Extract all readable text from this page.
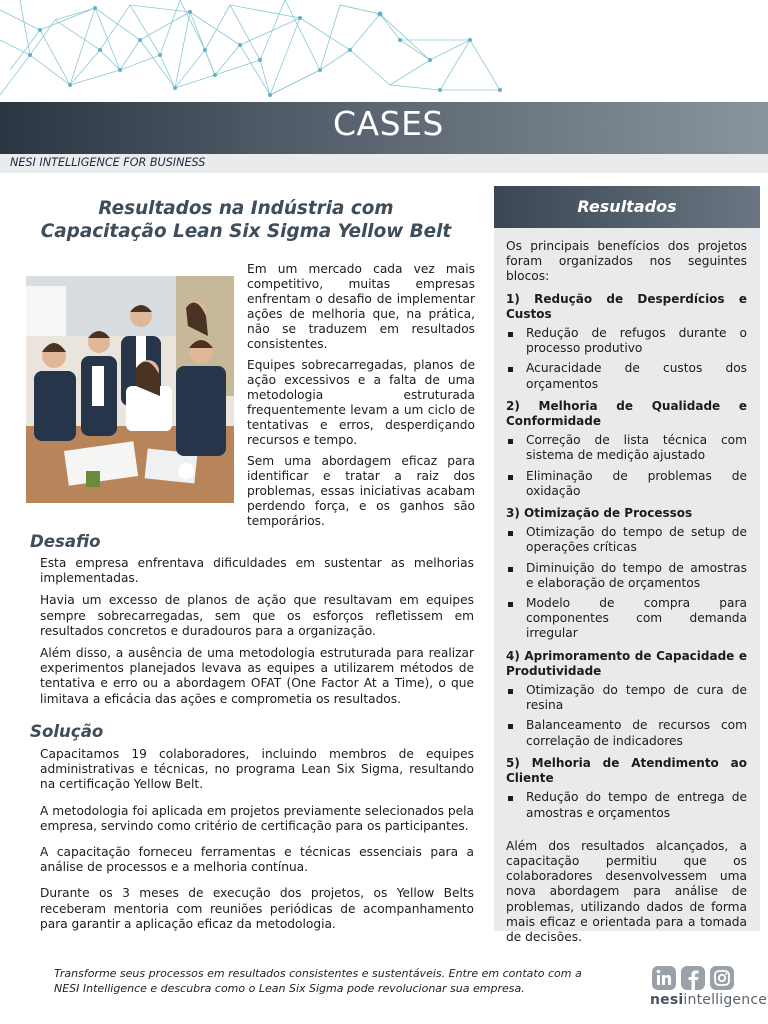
CASES
NESI INTELLIGENCE FOR BUSINESS
Resultados na Indústria com
Capacitação Lean Six Sigma Yellow Belt

Em um mercado cada vez mais competitivo, muitas empresas enfrentam o desafio de implementar ações de melhoria que, na prática, não se traduzem em resultados consistentes.

Equipes sobrecarregadas, planos de ação excessivos e a falta de uma metodologia estruturada frequentemente levam a um ciclo de tentativas e erros, desperdiçando recursos e tempo.

Sem uma abordagem eficaz para identificar e tratar a raiz dos problemas, essas iniciativas acabam perdendo força, e os ganhos são temporários.

Desafio

Esta empresa enfrentava dificuldades em sustentar as melhorias implementadas.

Havia um excesso de planos de ação que resultavam em equipes sempre sobrecarregadas, sem que os esforços refletissem em resultados concretos e duradouros para a organização.

Além disso, a ausência de uma metodologia estruturada para realizar experimentos planejados levava as equipes a utilizarem métodos de tentativa e erro ou a abordagem OFAT (One Factor At a Time), o que limitava a eficácia das ações e comprometia os resultados.

Solução

Capacitamos 19 colaboradores, incluindo membros de equipes administrativas e técnicas, no programa Lean Six Sigma, resultando na certificação Yellow Belt.

A metodologia foi aplicada em projetos previamente selecionados pela empresa, servindo como critério de certificação para os participantes.

A capacitação forneceu ferramentas e técnicas essenciais para a análise de processos e a melhoria contínua.

Durante os 3 meses de execução dos projetos, os Yellow Belts receberam mentoria com reuniões periódicas de acompanhamento para garantir a aplicação eficaz da metodologia.

Resultados

Os principais benefícios dos projetos foram organizados nos seguintes blocos:

1) Redução de Desperdícios e Custos
Redução de refugos durante o processo produtivo
Acuracidade de custos dos orçamentos
2) Melhoria de Qualidade e Conformidade
Correção de lista técnica com sistema de medição ajustado
Eliminação de problemas de oxidação
3) Otimização de Processos
Otimização do tempo de setup de operações críticas
Diminuição do tempo de amostras e elaboração de orçamentos
Modelo de compra para componentes com demanda irregular
4) Aprimoramento de Capacidade e Produtividade
Otimização do tempo de cura de resina
Balanceamento de recursos com correlação de indicadores
5) Melhoria de Atendimento ao Cliente
Redução do tempo de entrega de amostras e orçamentos

Além dos resultados alcançados, a capacitação permitiu que os colaboradores desenvolvessem uma nova abordagem para análise de problemas, utilizando dados de forma mais eficaz e orientada para a tomada de decisões.

Transforme seus processos em resultados consistentes e sustentáveis. Entre em contato com a
NESI Intelligence e descubra como o Lean Six Sigma pode revolucionar sua empresa.
nesiintelligence
